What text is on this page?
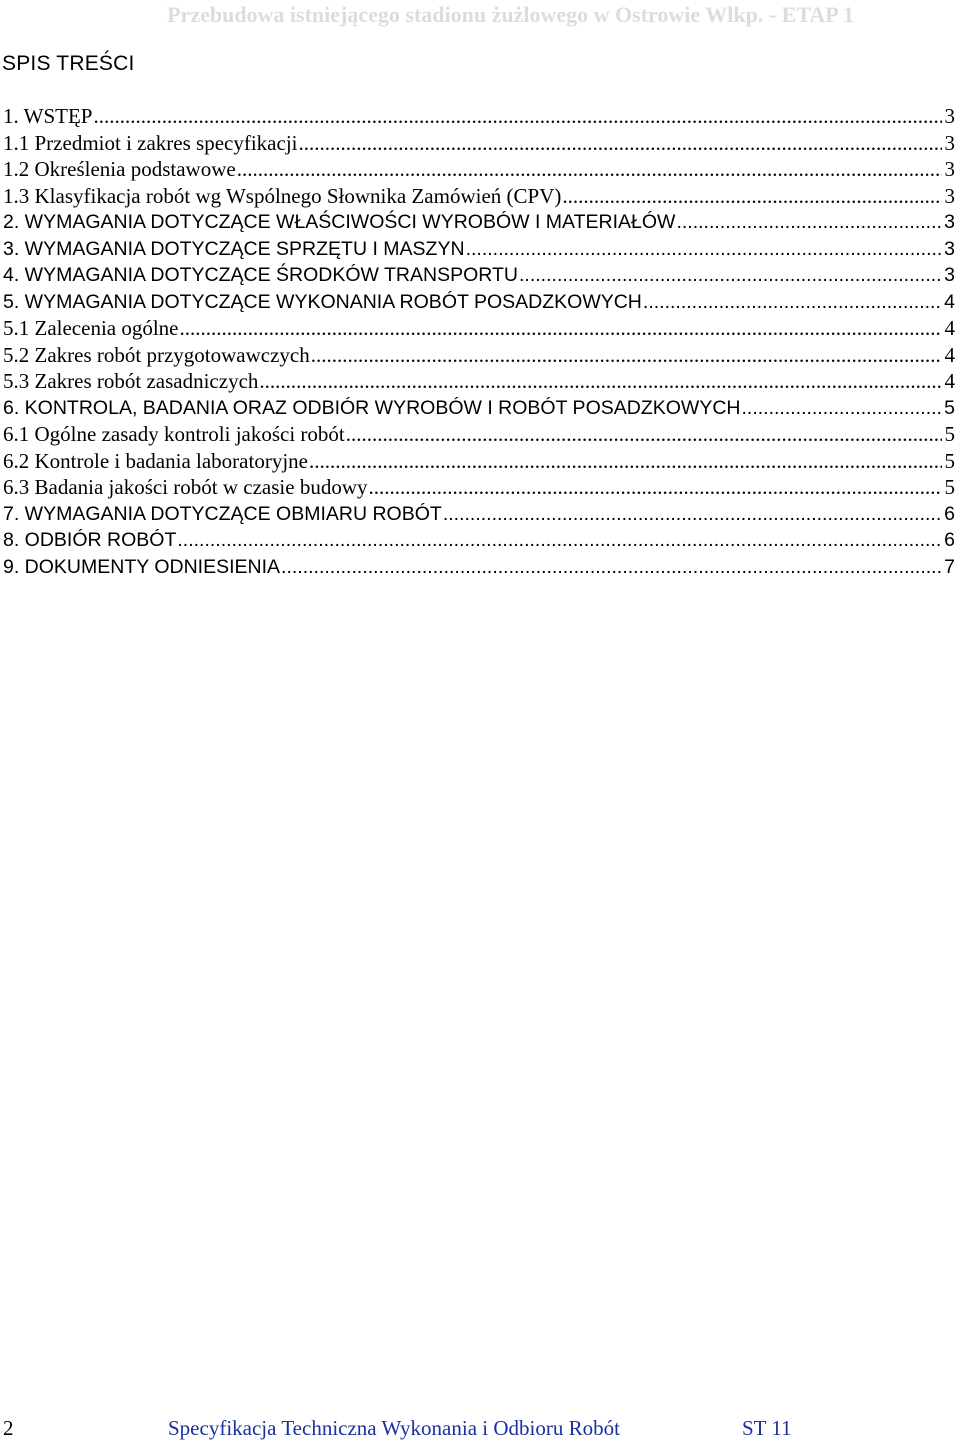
Przebudowa istniejącego stadionu żużlowego w Ostrowie Wlkp. - ETAP 1
SPIS TREŚCI
1. WSTĘP .....	3
1.1 Przedmiot i zakres specyfikacji .....	3
1.2 Określenia podstawowe .....	3
1.3 Klasyfikacja robót wg Wspólnego Słownika Zamówień (CPV) .....	3
2. WYMAGANIA DOTYCZĄCE WŁAŚCIWOŚCI WYROBÓW I MATERIAŁÓW .....	3
3. WYMAGANIA DOTYCZĄCE SPRZĘTU I MASZYN .....	3
4. WYMAGANIA DOTYCZĄCE ŚRODKÓW TRANSPORTU .....	3
5. WYMAGANIA DOTYCZĄCE WYKONANIA ROBÓT POSADZKOWYCH .....	4
5.1 Zalecenia ogólne .....	4
5.2 Zakres robót przygotowawczych .....	4
5.3 Zakres robót zasadniczych .....	4
6. KONTROLA, BADANIA ORAZ ODBIÓR WYROBÓW I ROBÓT POSADZKOWYCH .....	5
6.1 Ogólne zasady kontroli jakości robót .....	5
6.2 Kontrole i badania laboratoryjne .....	5
6.3 Badania jakości robót w czasie budowy .....	5
7. WYMAGANIA DOTYCZĄCE OBMIARU ROBÓT .....	6
8. ODBIÓR ROBÓT .....	6
9. DOKUMENTY ODNIESIENIA .....	7
2	Specyfikacja Techniczna Wykonania i Odbioru Robót	ST 11
